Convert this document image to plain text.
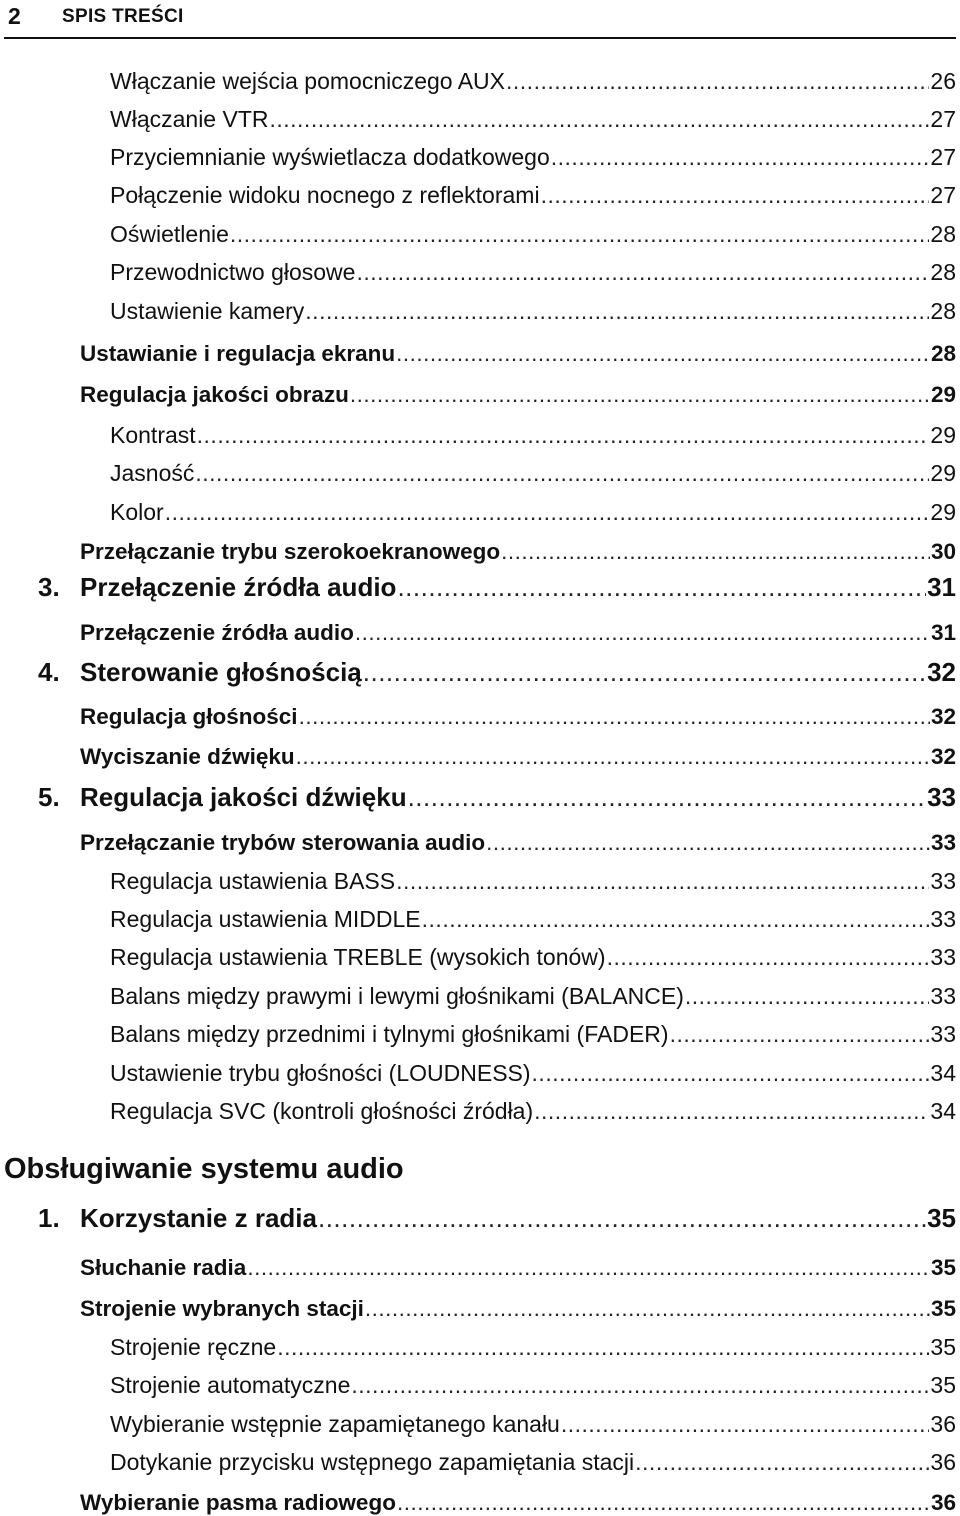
2 SPIS TREŚCI
Włączanie wejścia pomocniczego AUX .....	26
Włączanie VTR .....	27
Przyciemnianie wyświetlacza dodatkowego .....	27
Połączenie widoku nocnego z reflektorami .....	27
Oświetlenie .....	28
Przewodnictwo głosowe .....	28
Ustawienie kamery .....	28
Ustawianie i regulacja ekranu .....	28
Regulacja jakości obrazu .....	29
Kontrast .....	29
Jasność .....	29
Kolor .....	29
Przełączanie trybu szerokoekranowego .....	30
3. Przełączenie źródła audio .....	31
Przełączenie źródła audio .....	31
4. Sterowanie głośnością .....	32
Regulacja głośności .....	32
Wyciszanie dźwięku .....	32
5. Regulacja jakości dźwięku .....	33
Przełączanie trybów sterowania audio .....	33
Regulacja ustawienia BASS .....	33
Regulacja ustawienia MIDDLE .....	33
Regulacja ustawienia TREBLE (wysokich tonów) .....	33
Balans między prawymi i lewymi głośnikami (BALANCE) .....	33
Balans między przednimi i tylnymi głośnikami (FADER) .....	33
Ustawienie trybu głośności (LOUDNESS) .....	34
Regulacja SVC (kontroli głośności źródła) .....	34
Obsługiwanie systemu audio
1. Korzystanie z radia .....	35
Słuchanie radia .....	35
Strojenie wybranych stacji .....	35
Strojenie ręczne .....	35
Strojenie automatyczne .....	35
Wybieranie wstępnie zapamiętanego kanału .....	36
Dotykanie przycisku wstępnego zapamiętania stacji .....	36
Wybieranie pasma radiowego .....	36
